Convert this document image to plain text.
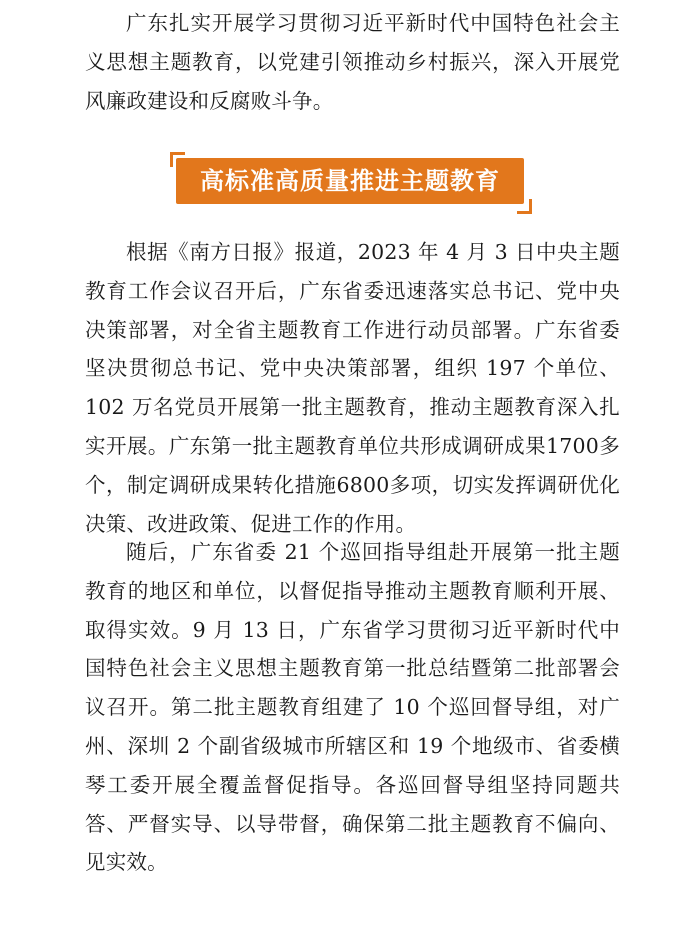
广东扎实开展学习贯彻习近平新时代中国特色社会主义思想主题教育，以党建引领推动乡村振兴，深入开展党风廉政建设和反腐败斗争。

高标准高质量推进主题教育

根据《南方日报》报道，2023 年 4 月 3 日中央主题教育工作会议召开后，广东省委迅速落实总书记、党中央决策部署，对全省主题教育工作进行动员部署。广东省委坚决贯彻总书记、党中央决策部署，组织 197 个单位、102 万名党员开展第一批主题教育，推动主题教育深入扎实开展。广东第一批主题教育单位共形成调研成果1700多个，制定调研成果转化措施6800多项，切实发挥调研优化决策、改进政策、促进工作的作用。

随后，广东省委 21 个巡回指导组赴开展第一批主题教育的地区和单位，以督促指导推动主题教育顺利开展、取得实效。9 月 13 日，广东省学习贯彻习近平新时代中国特色社会主义思想主题教育第一批总结暨第二批部署会议召开。第二批主题教育组建了 10 个巡回督导组，对广州、深圳 2 个副省级城市所辖区和 19 个地级市、省委横琴工委开展全覆盖督促指导。各巡回督导组坚持同题共答、严督实导、以导带督，确保第二批主题教育不偏向、见实效。
